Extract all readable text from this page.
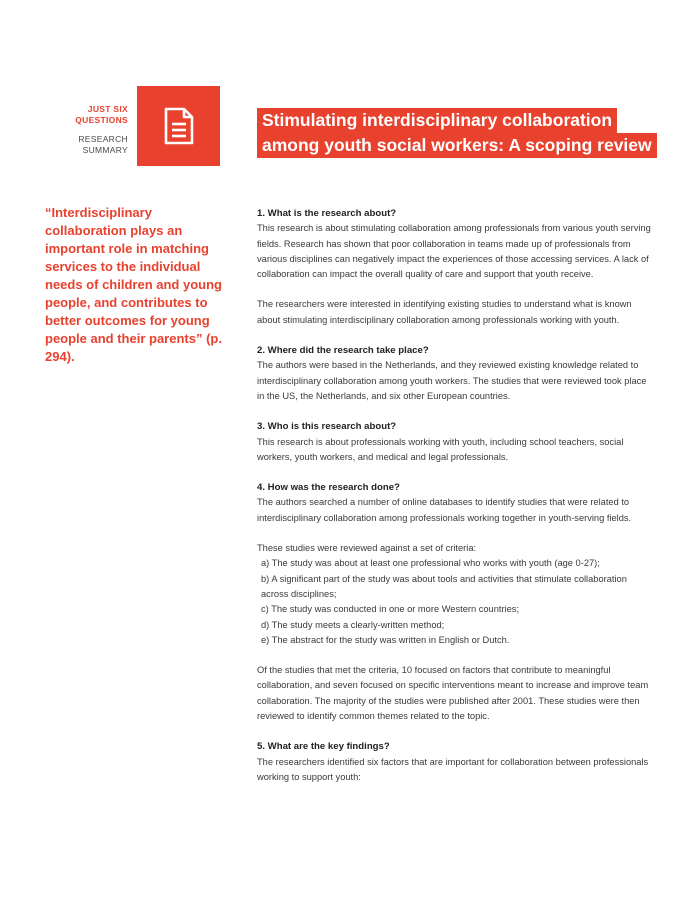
JUST SIX
QUESTIONS
RESEARCH
SUMMARY
Stimulating interdisciplinary collaboration
among youth social workers: A scoping review
“Interdisciplinary collaboration plays an important role in matching services to the individual needs of children and young people, and contributes to better outcomes for young people and their parents” (p. 294).
1. What is the research about?

This research is about stimulating collaboration among professionals from various youth serving fields. Research has shown that poor collaboration in teams made up of professionals from various disciplines can negatively impact the experiences of those accessing services. A lack of collaboration can impact the overall quality of care and support that youth receive.

The researchers were interested in identifying existing studies to understand what is known about stimulating interdisciplinary collaboration among professionals working with youth.

2. Where did the research take place?

The authors were based in the Netherlands, and they reviewed existing knowledge related to interdisciplinary collaboration among youth workers. The studies that were reviewed took place in the US, the Netherlands, and six other European countries.

3. Who is this research about?

This research is about professionals working with youth, including school teachers, social workers, youth workers, and medical and legal professionals.

4. How was the research done?

The authors searched a number of online databases to identify studies that were related to interdisciplinary collaboration among professionals working together in youth-serving fields.

These studies were reviewed against a set of criteria:

a) The study was about at least one professional who works with youth (age 0-27);
b) A significant part of the study was about tools and activities that stimulate collaboration across disciplines;
c) The study was conducted in one or more Western countries;
d) The study meets a clearly-written method;
e) The abstract for the study was written in English or Dutch.

Of the studies that met the criteria, 10 focused on factors that contribute to meaningful collaboration, and seven focused on specific interventions meant to increase and improve team collaboration. The majority of the studies were published after 2001. These studies were then reviewed to identify common themes related to the topic.

5. What are the key findings?

The researchers identified six factors that are important for collaboration between professionals working to support youth:
